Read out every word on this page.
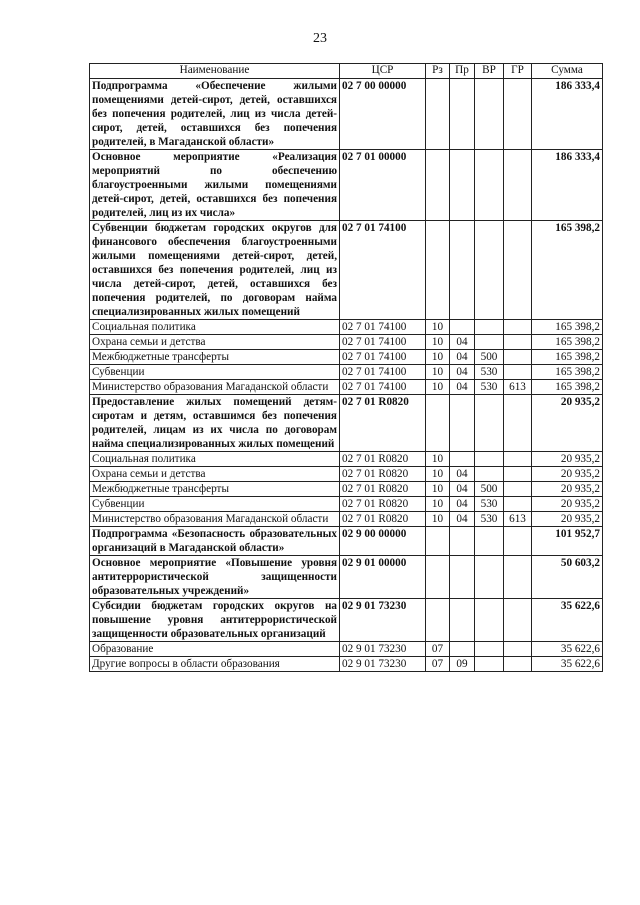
23
Наименование	ЦСР	Рз	Пр	ВР	ГР	Сумма
Подпрограмма «Обеспечение жилыми помещениями детей-сирот, детей, оставшихся без попечения родителей, лиц из числа детей-сирот, детей, оставшихся без попечения родителей, в Магаданской области»	02 7 00 00000					186 333,4
Основное мероприятие «Реализация мероприятий по обеспечению благоустроенными жилыми помещениями детей-сирот, детей, оставшихся без попечения родителей, лиц из их числа»	02 7 01 00000					186 333,4
Субвенции бюджетам городских округов для финансового обеспечения благоустроенными жилыми помещениями детей-сирот, детей, оставшихся без попечения родителей, лиц из числа детей-сирот, детей, оставшихся без попечения родителей, по договорам найма специализированных жилых помещений	02 7 01 74100					165 398,2
Социальная политика	02 7 01 74100	10				165 398,2
Охрана семьи и детства	02 7 01 74100	10	04			165 398,2
Межбюджетные трансферты	02 7 01 74100	10	04	500		165 398,2
Субвенции	02 7 01 74100	10	04	530		165 398,2
Министерство образования Магаданской области	02 7 01 74100	10	04	530	613	165 398,2
Предоставление жилых помещений детям-сиротам и детям, оставшимся без попечения родителей, лицам из их числа по договорам найма специализированных жилых помещений	02 7 01 R0820					20 935,2
Социальная политика	02 7 01 R0820	10				20 935,2
Охрана семьи и детства	02 7 01 R0820	10	04			20 935,2
Межбюджетные трансферты	02 7 01 R0820	10	04	500		20 935,2
Субвенции	02 7 01 R0820	10	04	530		20 935,2
Министерство образования Магаданской области	02 7 01 R0820	10	04	530	613	20 935,2
Подпрограмма «Безопасность образовательных организаций в Магаданской области»	02 9 00 00000					101 952,7
Основное мероприятие «Повышение уровня антитеррористической защищенности образовательных учреждений»	02 9 01 00000					50 603,2
Субсидии бюджетам городских округов на повышение уровня антитеррористической защищенности образовательных организаций	02 9 01 73230					35 622,6
Образование	02 9 01 73230	07				35 622,6
Другие вопросы в области образования	02 9 01 73230	07	09			35 622,6
